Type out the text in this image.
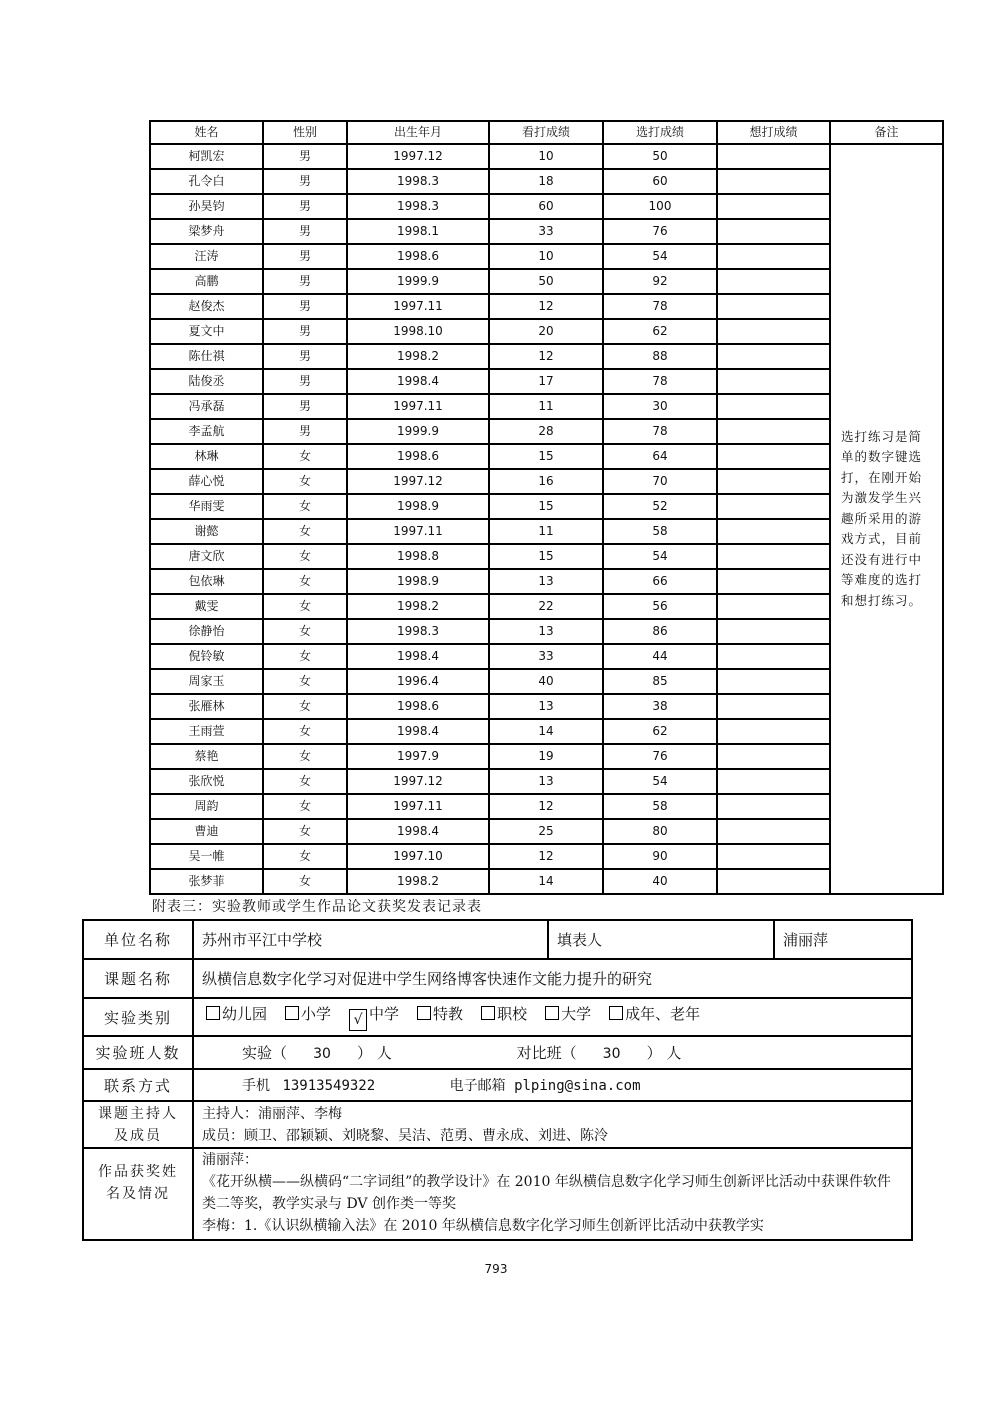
姓名	性别	出生年月	看打成绩	选打成绩	想打成绩	备注
柯凯宏	男	1997.12	10	50		选打练习是简单的数字键选打，在刚开始为激发学生兴趣所采用的游戏方式，目前还没有进行中等难度的选打和想打练习。
孔令白	男	1998.3	18	60		
孙昊钧	男	1998.3	60	100		
梁梦舟	男	1998.1	33	76		
汪涛	男	1998.6	10	54		
高鹏	男	1999.9	50	92		
赵俊杰	男	1997.11	12	78		
夏文中	男	1998.10	20	62		
陈仕祺	男	1998.2	12	88		
陆俊丞	男	1998.4	17	78		
冯承磊	男	1997.11	11	30		
李孟航	男	1999.9	28	78		
林琳	女	1998.6	15	64		
薛心悦	女	1997.12	16	70		
华雨雯	女	1998.9	15	52		
谢懿	女	1997.11	11	58		
唐文欣	女	1998.8	15	54		
包依琳	女	1998.9	13	66		
戴雯	女	1998.2	22	56		
徐静怡	女	1998.3	13	86		
倪铃敏	女	1998.4	33	44		
周家玉	女	1996.4	40	85		
张雁林	女	1998.6	13	38		
王雨萱	女	1998.4	14	62		
蔡艳	女	1997.9	19	76		
张欣悦	女	1997.12	13	54		
周韵	女	1997.11	12	58		
曹迪	女	1998.4	25	80		
吴一帷	女	1997.10	12	90		
张梦菲	女	1998.2	14	40		
附表三：实验教师或学生作品论文获奖发表记录表
单位名称	苏州市平江中学校	填表人	浦丽萍
课题名称	纵横信息数字化学习对促进中学生网络博客快速作文能力提升的研究		
实验类别	幼儿园 小学 √ 中学 特教 职校 大学 成年、老年		
实验班人数	实验（ 30 ） 人 对比班（ 30 ） 人		
联系方式	手机 13913549322 电子邮箱 plping@sina.com		
课题主持人及成员	主持人：浦丽萍、李梅
成员：顾卫、邵颖颖、刘晓黎、吴洁、范勇、曹永成、刘进、陈泠		

作品获奖姓名及情况	浦丽萍：
《花开纵横——纵横码“二字词组”的教学设计》在 2010 年纵横信息数字化学习师生创新评比活动中获课件软件类二等奖，教学实录与 DV 创作类一等奖
李梅：1.《认识纵横输入法》在 2010 年纵横信息数字化学习师生创新评比活动中获教学实		
793
